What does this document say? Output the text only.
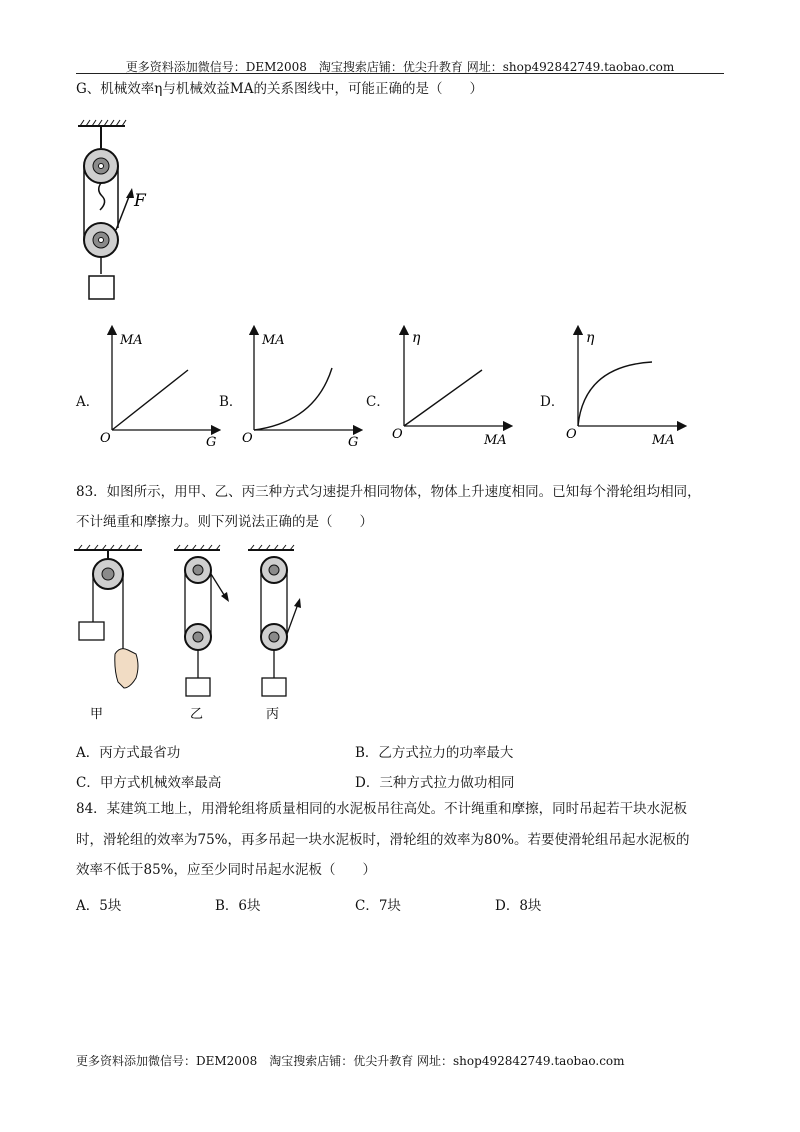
更多资料添加微信号：DEM2008　淘宝搜索店铺：优尖升教育 网址：shop492842749.taobao.com
G、机械效率η与机械效益MA的关系图线中，可能正确的是（　　）
F
A．	B．	C．	D．
MA
G
O
MA
G
O
η
MA
O
η
MA
O
83．如图所示，用甲、乙、丙三种方式匀速提升相同物体，物体上升速度相同。已知每个滑轮组均相同，
不计绳重和摩擦力。则下列说法正确的是（　　）
甲	乙	丙
A．丙方式最省功	B．乙方式拉力的功率最大
C．甲方式机械效率最高	D．三种方式拉力做功相同
84．某建筑工地上，用滑轮组将质量相同的水泥板吊往高处。不计绳重和摩擦，同时吊起若干块水泥板
时，滑轮组的效率为75%，再多吊起一块水泥板时，滑轮组的效率为80%。若要使滑轮组吊起水泥板的
效率不低于85%，应至少同时吊起水泥板（　　）
A．5块	B．6块	C．7块	D．8块
更多资料添加微信号：DEM2008　淘宝搜索店铺：优尖升教育 网址：shop492842749.taobao.com
